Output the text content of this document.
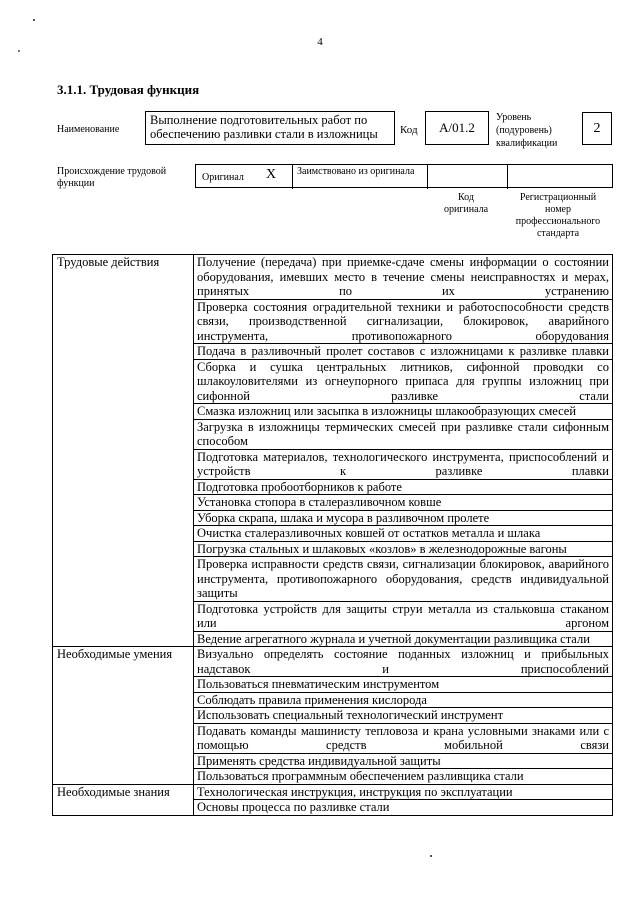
4
3.1.1. Трудовая функция
Наименование
Выполнение подготовительных работ по обеспечению разливки стали в изложницы	Код	А/01.2
Уровень (подуровень) квалификации
2
Происхождение трудовой функции
Оригинал X Заимствовано из оригинала
Код оригинала
Регистрационный номер профессионального стандарта
Трудовые действия	Получение (передача) при приемке-сдаче смены информации о состоянии оборудования, имевших место в течение смены неисправностях и мерах, принятых по их устранению
	Проверка состояния оградительной техники и работоспособности средств связи, производственной сигнализации, блокировок, аварийного инструмента, противопожарного оборудования
	Подача в разливочный пролет составов с изложницами к разливке плавки
	Сборка и сушка центральных литников, сифонной проводки со шлакоуловителями из огнеупорного припаса для группы изложниц при сифонной разливке стали
	Смазка изложниц или засыпка в изложницы шлакообразующих смесей
	Загрузка в изложницы термических смесей при разливке стали сифонным способом
	Подготовка материалов, технологического инструмента, приспособлений и устройств к разливке плавки
	Подготовка пробоотборников к работе
	Установка стопора в сталеразливочном ковше
	Уборка скрапа, шлака и мусора в разливочном пролете
	Очистка сталеразливочных ковшей от остатков металла и шлака
	Погрузка стальных и шлаковых «козлов» в железнодорожные вагоны
	Проверка исправности средств связи, сигнализации блокировок, аварийного инструмента, противопожарного оборудования, средств индивидуальной защиты
	Подготовка устройств для защиты струи металла из стальковша стаканом или аргоном
	Ведение агрегатного журнала и учетной документации разливщика стали
Необходимые умения	Визуально определять состояние поданных изложниц и прибыльных надставок и приспособлений
	Пользоваться пневматическим инструментом
	Соблюдать правила применения кислорода
	Использовать специальный технологический инструмент
	Подавать команды машинисту тепловоза и крана условными знаками или с помощью средств мобильной связи
	Применять средства индивидуальной защиты
	Пользоваться программным обеспечением разливщика стали
Необходимые знания	Технологическая инструкция, инструкция по эксплуатации
	Основы процесса по разливке стали
